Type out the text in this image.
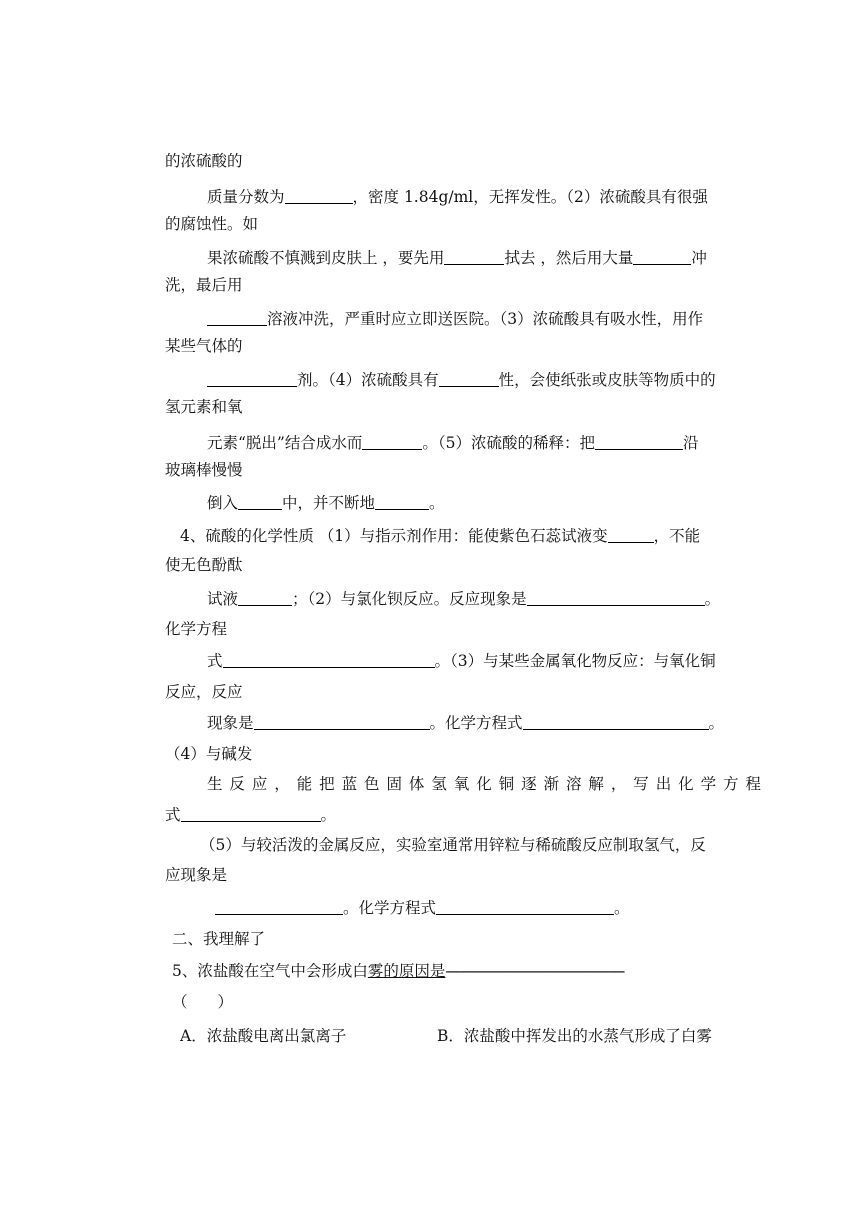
的浓硫酸的
质量分数为	，密度 1.84g/ml，无挥发性。（2）浓硫酸具有很强
的腐蚀性。如
果浓硫酸不慎溅到皮肤上 ，要先用	拭去 ，然后用大量	冲
洗，最后用
溶液冲洗，严重时应立即送医院。（3）浓硫酸具有吸水性，用作
某些气体的
剂。（4）浓硫酸具有	性，会使纸张或皮肤等物质中的
氢元素和氧
元素“脱出”结合成水而	。（5）浓硫酸的稀释：把	沿
玻璃棒慢慢
倒入	中，并不断地	。
4、硫酸的化学性质 （1）与指示剂作用：能使紫色石蕊试液变	，不能
使无色酚酞
试液	；（2）与氯化钡反应。反应现象是	。
化学方程
式	。（3）与某些金属氧化物反应：与氧化铜
反应，反应
现象是	。化学方程式	。
（4）与碱发
生反应，能把蓝色固体氢氧化铜逐渐溶解，写出化学方程
式	。
（5）与较活泼的金属反应，实验室通常用锌粒与稀硫酸反应制取氢气，反
应现象是
。化学方程式	。
二、我理解了
5、浓盐酸在空气中会形成白雾的原因是-------------------------------------------------
（ ）
A．浓盐酸电离出氯离子	B．浓盐酸中挥发出的水蒸气形成了白雾
